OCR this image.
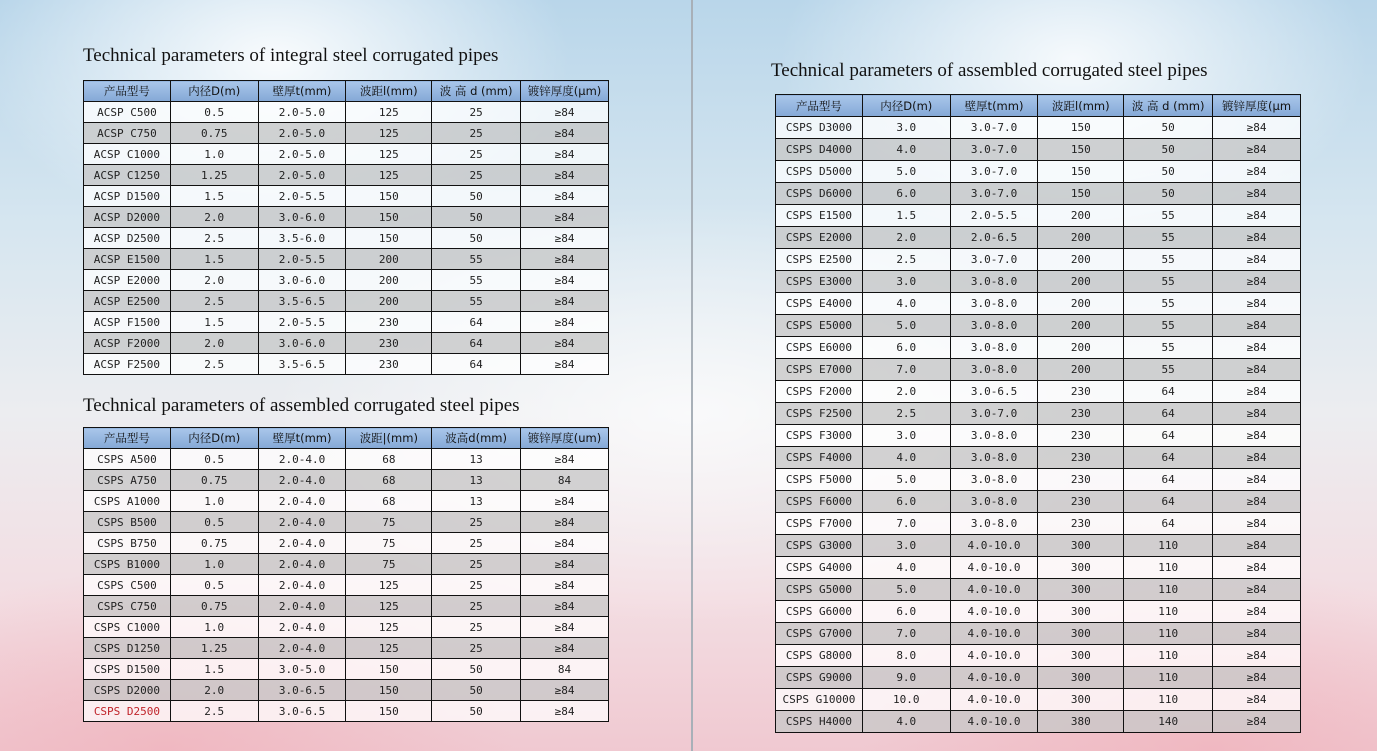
Technical parameters of integral steel corrugated pipes
产品型号	内径D(m)	壁厚t(mm)	波距l(mm)	波 高 d (mm)	镀锌厚度(μm)
ACSP C500	0.5	2.0-5.0	125	25	≥84
ACSP C750	0.75	2.0-5.0	125	25	≥84
ACSP C1000	1.0	2.0-5.0	125	25	≥84
ACSP C1250	1.25	2.0-5.0	125	25	≥84
ACSP D1500	1.5	2.0-5.5	150	50	≥84
ACSP D2000	2.0	3.0-6.0	150	50	≥84
ACSP D2500	2.5	3.5-6.0	150	50	≥84
ACSP E1500	1.5	2.0-5.5	200	55	≥84
ACSP E2000	2.0	3.0-6.0	200	55	≥84
ACSP E2500	2.5	3.5-6.5	200	55	≥84
ACSP F1500	1.5	2.0-5.5	230	64	≥84
ACSP F2000	2.0	3.0-6.0	230	64	≥84
ACSP F2500	2.5	3.5-6.5	230	64	≥84
Technical parameters of assembled corrugated steel pipes
产品型号	内径D(m)	壁厚t(mm)	波距|(mm)	波高d(mm)	镀锌厚度(um)
CSPS A500	0.5	2.0-4.0	68	13	≥84
CSPS A750	0.75	2.0-4.0	68	13	84
CSPS A1000	1.0	2.0-4.0	68	13	≥84
CSPS B500	0.5	2.0-4.0	75	25	≥84
CSPS B750	0.75	2.0-4.0	75	25	≥84
CSPS B1000	1.0	2.0-4.0	75	25	≥84
CSPS C500	0.5	2.0-4.0	125	25	≥84
CSPS C750	0.75	2.0-4.0	125	25	≥84
CSPS C1000	1.0	2.0-4.0	125	25	≥84
CSPS D1250	1.25	2.0-4.0	125	25	≥84
CSPS D1500	1.5	3.0-5.0	150	50	84
CSPS D2000	2.0	3.0-6.5	150	50	≥84
CSPS D2500	2.5	3.0-6.5	150	50	≥84
Technical parameters of assembled corrugated steel pipes
产品型号	内径D(m)	壁厚t(mm)	波距l(mm)	波 高 d (mm)	镀锌厚度(μm
CSPS D3000	3.0	3.0-7.0	150	50	≥84
CSPS D4000	4.0	3.0-7.0	150	50	≥84
CSPS D5000	5.0	3.0-7.0	150	50	≥84
CSPS D6000	6.0	3.0-7.0	150	50	≥84
CSPS E1500	1.5	2.0-5.5	200	55	≥84
CSPS E2000	2.0	2.0-6.5	200	55	≥84
CSPS E2500	2.5	3.0-7.0	200	55	≥84
CSPS E3000	3.0	3.0-8.0	200	55	≥84
CSPS E4000	4.0	3.0-8.0	200	55	≥84
CSPS E5000	5.0	3.0-8.0	200	55	≥84
CSPS E6000	6.0	3.0-8.0	200	55	≥84
CSPS E7000	7.0	3.0-8.0	200	55	≥84
CSPS F2000	2.0	3.0-6.5	230	64	≥84
CSPS F2500	2.5	3.0-7.0	230	64	≥84
CSPS F3000	3.0	3.0-8.0	230	64	≥84
CSPS F4000	4.0	3.0-8.0	230	64	≥84
CSPS F5000	5.0	3.0-8.0	230	64	≥84
CSPS F6000	6.0	3.0-8.0	230	64	≥84
CSPS F7000	7.0	3.0-8.0	230	64	≥84
CSPS G3000	3.0	4.0-10.0	300	110	≥84
CSPS G4000	4.0	4.0-10.0	300	110	≥84
CSPS G5000	5.0	4.0-10.0	300	110	≥84
CSPS G6000	6.0	4.0-10.0	300	110	≥84
CSPS G7000	7.0	4.0-10.0	300	110	≥84
CSPS G8000	8.0	4.0-10.0	300	110	≥84
CSPS G9000	9.0	4.0-10.0	300	110	≥84
CSPS G10000	10.0	4.0-10.0	300	110	≥84
CSPS H4000	4.0	4.0-10.0	380	140	≥84
